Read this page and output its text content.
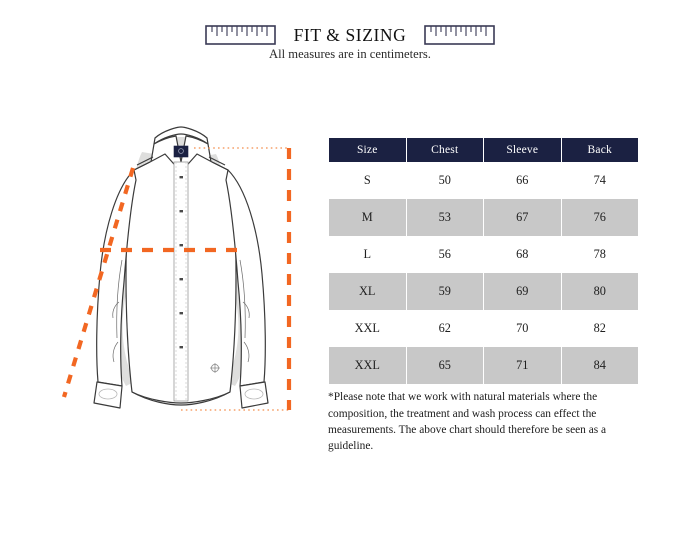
FIT & SIZING
All measures are in centimeters.
Size	Chest	Sleeve	Back
S	50	66	74
M	53	67	76
L	56	68	78
XL	59	69	80
XXL	62	70	82
XXL	65	71	84

*Please note that we work with natural materials where the composition, the treatment and wash process can effect the measurements. The above chart should therefore be seen as a guideline.
